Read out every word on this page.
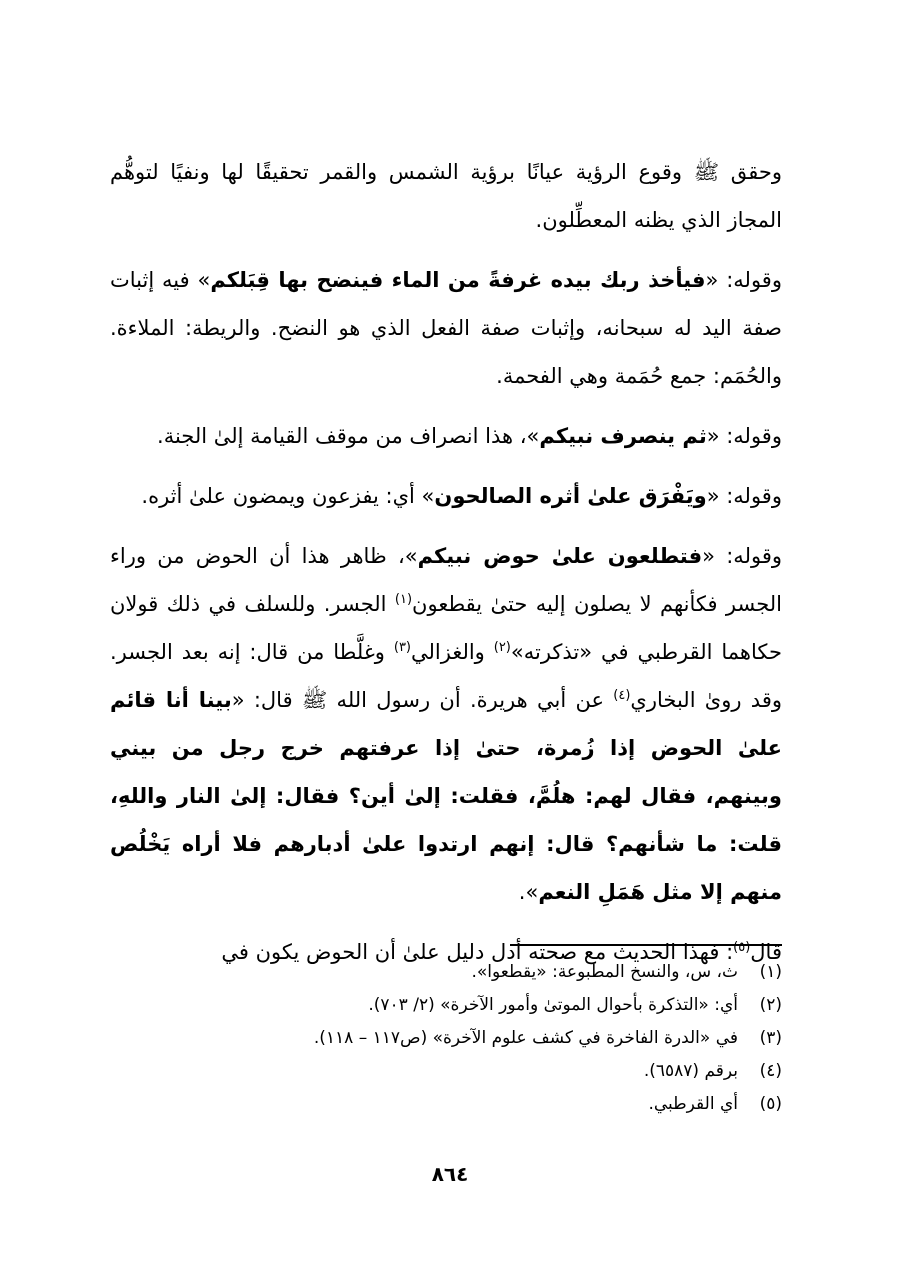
وحقق ﷺ وقوع الرؤية عيانًا برؤية الشمس والقمر تحقيقًا لها ونفيًا لتوهُّم المجاز الذي يظنه المعطِّلون.

وقوله: «فيأخذ ربك بيده غرفةً من الماء فينضح بها قِبَلكم» فيه إثبات صفة اليد له سبحانه، وإثبات صفة الفعل الذي هو النضح. والريطة: الملاءة. والحُمَم: جمع حُمَمة وهي الفحمة.

وقوله: «ثم ينصرف نبيكم»، هذا انصراف من موقف القيامة إلىٰ الجنة.

وقوله: «ويَفْرَق علىٰ أثره الصالحون» أي: يفزعون ويمضون علىٰ أثره.

وقوله: «فتطلعون علىٰ حوض نبيكم»، ظاهر هذا أن الحوض من وراء الجسر فكأنهم لا يصلون إليه حتىٰ يقطعون$^{(١)}$ الجسر. وللسلف في ذلك قولان حكاهما القرطبي في «تذكرته»$^{(٢)}$ والغزالي$^{(٣)}$ وغلَّطا من قال: إنه بعد الجسر. وقد روىٰ البخاري$^{(٤)}$ عن أبي هريرة. أن رسول الله ﷺ قال: «بينا أنا قائم علىٰ الحوض إذا زُمرة، حتىٰ إذا عرفتهم خرج رجل من بيني وبينهم، فقال لهم: هلُمَّ، فقلت: إلىٰ أين؟ فقال: إلىٰ النار واللهِ، قلت: ما شأنهم؟ قال: إنهم ارتدوا علىٰ أدبارهم فلا أراه يَخْلُص منهم إلا مثل هَمَلِ النعم».

قال$^{(٥)}$: فهذا الحديث مع صحته أدل دليل علىٰ أن الحوض يكون في

(١)ث، س، والنسخ المطبوعة: «يقطعوا».
(٢)أي: «التذكرة بأحوال الموتىٰ وأمور الآخرة» (٢/ ٧٠٣).
(٣)في «الدرة الفاخرة في كشف علوم الآخرة» (ص١١٧ – ١١٨).
(٤)برقم (٦٥٨٧).
(٥)أي القرطبي.
٨٦٤
